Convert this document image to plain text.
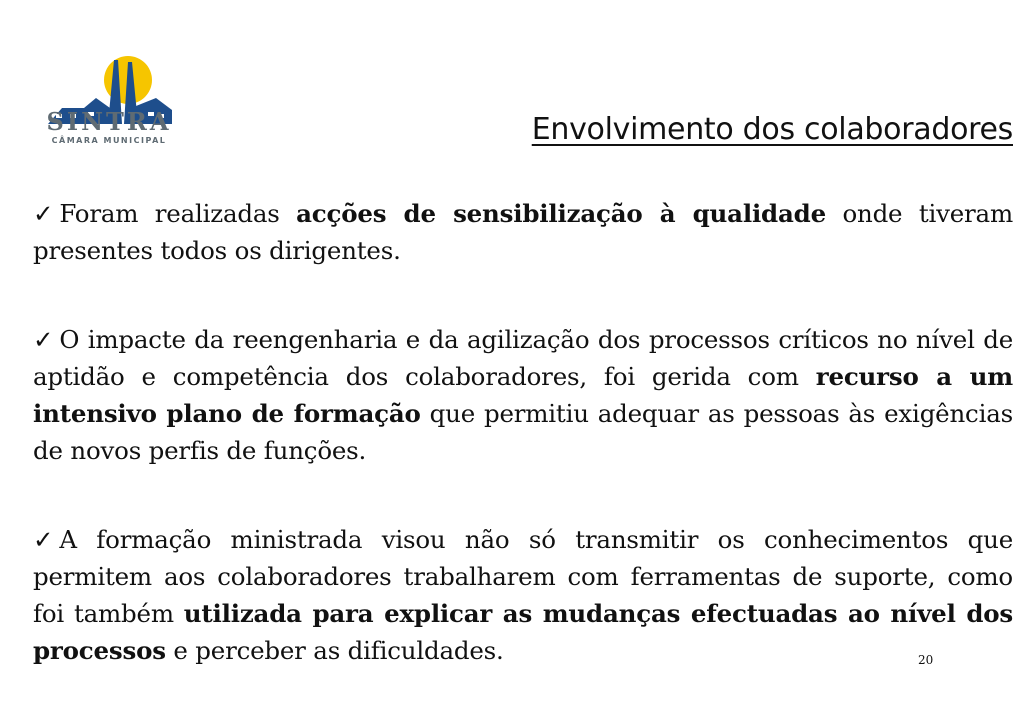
SINTRA
CÂMARA MUNICIPAL	Envolvimento dos colaboradores

✓ Foram realizadas acções de sensibilização à qualidade onde tiveram presentes todos os dirigentes.

✓ O impacte da reengenharia e da agilização dos processos críticos no nível de aptidão e competência dos colaboradores, foi gerida com recurso a um intensivo plano de formação que permitiu adequar as pessoas às exigências de novos perfis de funções.

✓ A formação ministrada visou não só transmitir os conhecimentos que permitem aos colaboradores trabalharem com ferramentas de suporte, como foi também utilizada para explicar as mudanças efectuadas ao nível dos processos e perceber as dificuldades.	20
